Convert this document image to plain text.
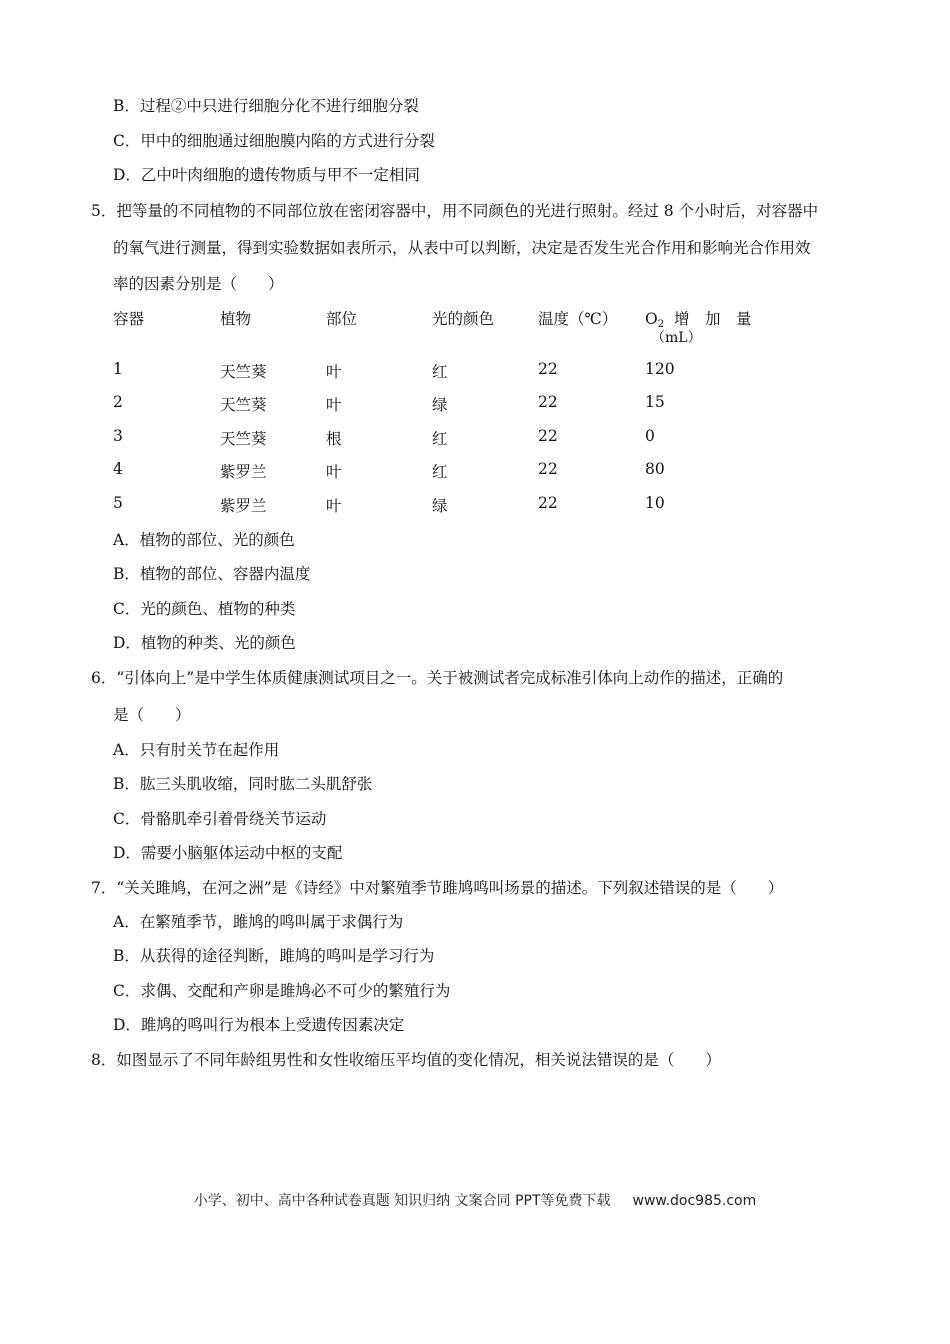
B．过程②中只进行细胞分化不进行细胞分裂
C．甲中的细胞通过细胞膜内陷的方式进行分裂
D．乙中叶肉细胞的遗传物质与甲不一定相同
5．把等量的不同植物的不同部位放在密闭容器中，用不同颜色的光进行照射。经过 8 个小时后，对容器中
的氧气进行测量，得到实验数据如表所示，从表中可以判断，决定是否发生光合作用和影响光合作用效
率的因素分别是（　　）
容器	植物	部位	光的颜色	温度（℃） $O_2$ 增　加　量
（mL）
1	天竺葵	叶	红	22	120
2	天竺葵	叶	绿	22	15
3	天竺葵	根	红	22	0
4	紫罗兰	叶	红	22	80
5	紫罗兰	叶	绿	22	10
A．植物的部位、光的颜色
B．植物的部位、容器内温度
C．光的颜色、植物的种类
D．植物的种类、光的颜色
6．“引体向上”是中学生体质健康测试项目之一。关于被测试者完成标准引体向上动作的描述，正确的
是（　　）
A．只有肘关节在起作用
B．肱三头肌收缩，同时肱二头肌舒张
C．骨骼肌牵引着骨绕关节运动
D．需要小脑躯体运动中枢的支配
7．“关关雎鸠，在河之洲”是《诗经》中对繁殖季节雎鸠鸣叫场景的描述。下列叙述错误的是（　　）
A．在繁殖季节，雎鸠的鸣叫属于求偶行为
B．从获得的途径判断，雎鸠的鸣叫是学习行为
C．求偶、交配和产卵是雎鸠必不可少的繁殖行为
D．雎鸠的鸣叫行为根本上受遗传因素决定
8．如图显示了不同年龄组男性和女性收缩压平均值的变化情况，相关说法错误的是（　　）
小学、初中、高中各种试卷真题 知识归纳 文案合同 PPT等免费下载 www.doc985.com
